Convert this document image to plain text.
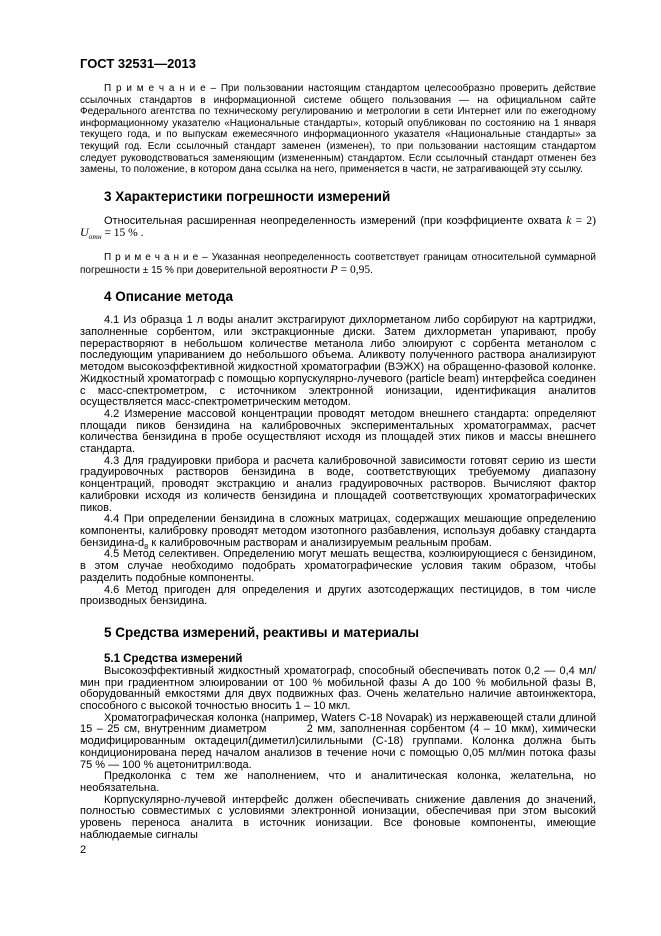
ГОСТ 32531—2013

П р и м е ч а н и е – При пользовании настоящим стандартом целесообразно проверить действие ссылочных стандартов в информационной системе общего пользования — на официальном сайте Федерального агентства по техническому регулированию и метрологии в сети Интернет или по ежегодному информационному указателю «Национальные стандарты», который опубликован по состоянию на 1 января текущего года, и по выпускам ежемесячного информационного указателя «Национальные стандарты» за текущий год. Если ссылочный стандарт заменен (изменен), то при пользовании настоящим стандартом следует руководствоваться заменяющим (измененным) стандартом. Если ссылочный стандарт отменен без замены, то положение, в котором дана ссылка на него, применяется в части, не затрагивающей эту ссылку.

3 Характеристики погрешности измерений

Относительная расширенная неопределенность измерений (при коэффициенте охвата k = 2) $U_{отн} = 15$ % .

П р и м е ч а н и е – Указанная неопределенность соответствует границам относительной суммарной погрешности ± 15 % при доверительной вероятности P = 0,95.

4 Описание метода

4.1 Из образца 1 л воды аналит экстрагируют дихлорметаном либо сорбируют на картриджи, заполненные сорбентом, или экстракционные диски. Затем дихлорметан упаривают, пробу перерастворяют в небольшом количестве метанола либо элюируют с сорбента метанолом с последующим упариванием до небольшого объема. Аликвоту полученного раствора анализируют методом высокоэффективной жидкостной хроматографии (ВЭЖХ) на обращенно-фазовой колонке. Жидкостный хроматограф с помощью корпускулярно-лучевого (particle beam) интерфейса соединен с масс-спектрометром, с источником электронной ионизации, идентификация аналитов осуществляется масс-спектрометрическим методом.

4.2 Измерение массовой концентрации проводят методом внешнего стандарта: определяют площади пиков бензидина на калибровочных экспериментальных хроматограммах, расчет количества бензидина в пробе осуществляют исходя из площадей этих пиков и массы внешнего стандарта.

4.3 Для градуировки прибора и расчета калибровочной зависимости готовят серию из шести градуировочных растворов бензидина в воде, соответствующих требуемому диапазону концентраций, проводят экстракцию и анализ градуировочных растворов. Вычисляют фактор калибровки исходя из количеств бензидина и площадей соответствующих хроматографических пиков.

4.4 При определении бензидина в сложных матрицах, содержащих мешающие определению компоненты, калибровку проводят методом изотопного разбавления, используя добавку стандарта бензидина-$d_8$ к калибровочным растворам и анализируемым реальным пробам.

4.5 Метод селективен. Определению могут мешать вещества, коэлюирующиеся с бензидином, в этом случае необходимо подобрать хроматографические условия таким образом, чтобы разделить подобные компоненты.

4.6 Метод пригоден для определения и других азотсодержащих пестицидов, в том числе производных бензидина.

5 Средства измерений, реактивы и материалы
5.1 Средства измерений

Высокоэффективный жидкостный хроматограф, способный обеспечивать поток 0,2 — 0,4 мл/мин при градиентном элюировании от 100 % мобильной фазы А до 100 % мобильной фазы В, оборудованный емкостями для двух подвижных фаз. Очень желательно наличие автоинжектора, способного с высокой точностью вносить 1 – 10 мкл.

Хроматографическая колонка (например, Waters C-18 Novapak) из нержавеющей стали длиной 15 – 25 см, внутренним диаметром         2 мм, заполненная сорбентом (4 – 10 мкм), химически модифицированным октадецил(диметил)силильными (С-18) группами. Колонка должна быть кондиционирована перед началом анализов в течение ночи с помощью 0,05 мл/мин потока фазы 75 % — 100 % ацетонитрил:вода.

Предколонка с тем же наполнением, что и аналитическая колонка, желательна, но необязательна.

Корпускулярно-лучевой интерфейс должен обеспечивать снижение давления до значений, полностью совместимых с условиями электронной ионизации, обеспечивая при этом высокий уровень переноса аналита в источник ионизации. Все фоновые компоненты, имеющие наблюдаемые сигналы

2
